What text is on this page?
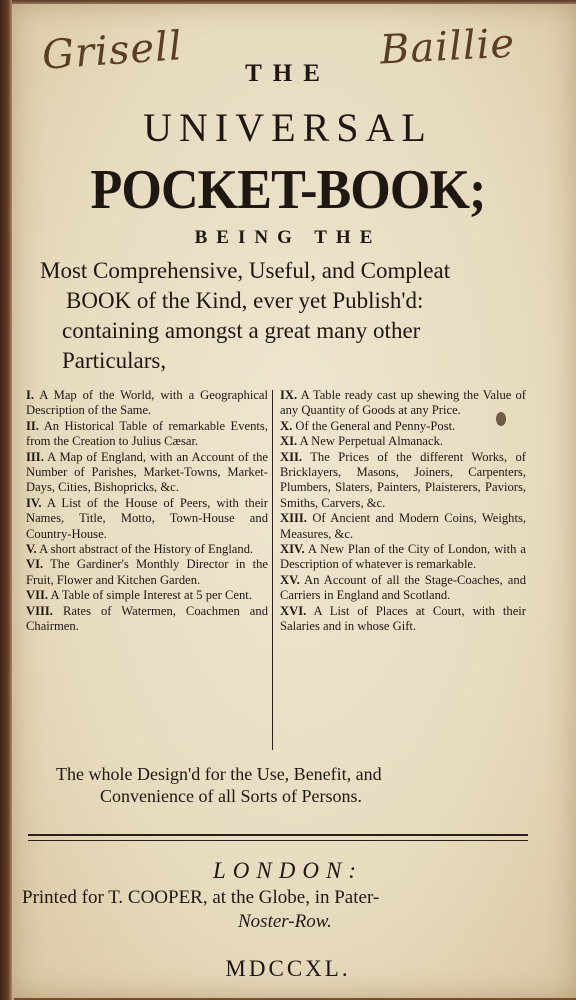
Grisell	Baillie
THE
UNIVERSAL
POCKET-BOOK;
BEING THE
Most Comprehensive, Useful, and Compleat
BOOK of the Kind, ever yet Publish'd:
containing amongst a great many other
Particulars,
I. A Map of the World, with a Geographical Description of the Same.
II. An Historical Table of remarkable Events, from the Creation to Julius Cæsar.
III. A Map of England, with an Account of the Number of Parishes, Market-Towns, Market-Days, Cities, Bishopricks, &c.
IV. A List of the House of Peers, with their Names, Title, Motto, Town-House and Country-House.
V. A short abstract of the History of England.
VI. The Gardiner's Monthly Director in the Fruit, Flower and Kitchen Garden.
VII. A Table of simple Interest at 5 per Cent.
VIII. Rates of Watermen, Coachmen and Chairmen.
IX. A Table ready cast up shewing the Value of any Quantity of Goods at any Price.
X. Of the General and Penny-Post.
XI. A New Perpetual Almanack.
XII. The Prices of the different Works, of Bricklayers, Masons, Joiners, Carpenters, Plumbers, Slaters, Painters, Plaisterers, Paviors, Smiths, Carvers, &c.
XIII. Of Ancient and Modern Coins, Weights, Measures, &c.
XIV. A New Plan of the City of London, with a Description of whatever is remarkable.
XV. An Account of all the Stage-Coaches, and Carriers in England and Scotland.
XVI. A List of Places at Court, with their Salaries and in whose Gift.
The whole Design'd for the Use, Benefit, and
Convenience of all Sorts of Persons.
LONDON:
Printed for T. COOPER, at the Globe, in Pater-
Noster-Row.
MDCCXL.
